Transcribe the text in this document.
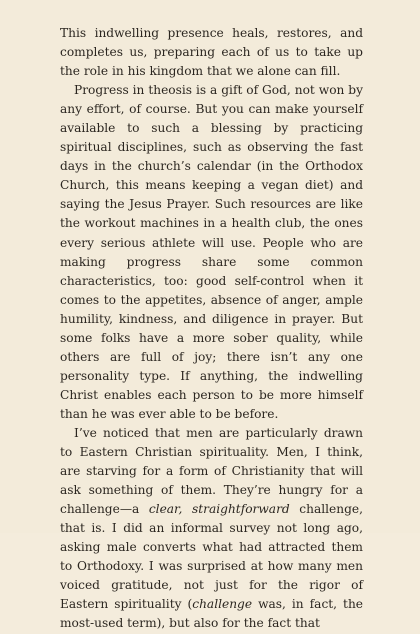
This indwelling presence heals, restores, and completes us, preparing each of us to take up the role in his kingdom that we alone can fill.

Progress in theosis is a gift of God, not won by any effort, of course. But you can make yourself available to such a blessing by practicing spiritual disciplines, such as observing the fast days in the church’s calendar (in the Orthodox Church, this means keeping a vegan diet) and saying the Jesus Prayer. Such resources are like the workout machines in a health club, the ones every serious athlete will use. People who are making progress share some common characteristics, too: good self-control when it comes to the appetites, absence of anger, ample humility, kindness, and diligence in prayer. But some folks have a more sober quality, while others are full of joy; there isn’t any one personality type. If anything, the indwelling Christ enables each person to be more himself than he was ever able to be before.

I’ve noticed that men are particularly drawn to Eastern Christian spirituality. Men, I think, are starving for a form of Christianity that will ask something of them. They’re hungry for a challenge—a clear, straightforward challenge, that is. I did an informal survey not long ago, asking male converts what had attracted them to Orthodoxy. I was surprised at how many men voiced gratitude, not just for the rigor of Eastern spirituality (challenge was, in fact, the most-used term), but also for the fact that
